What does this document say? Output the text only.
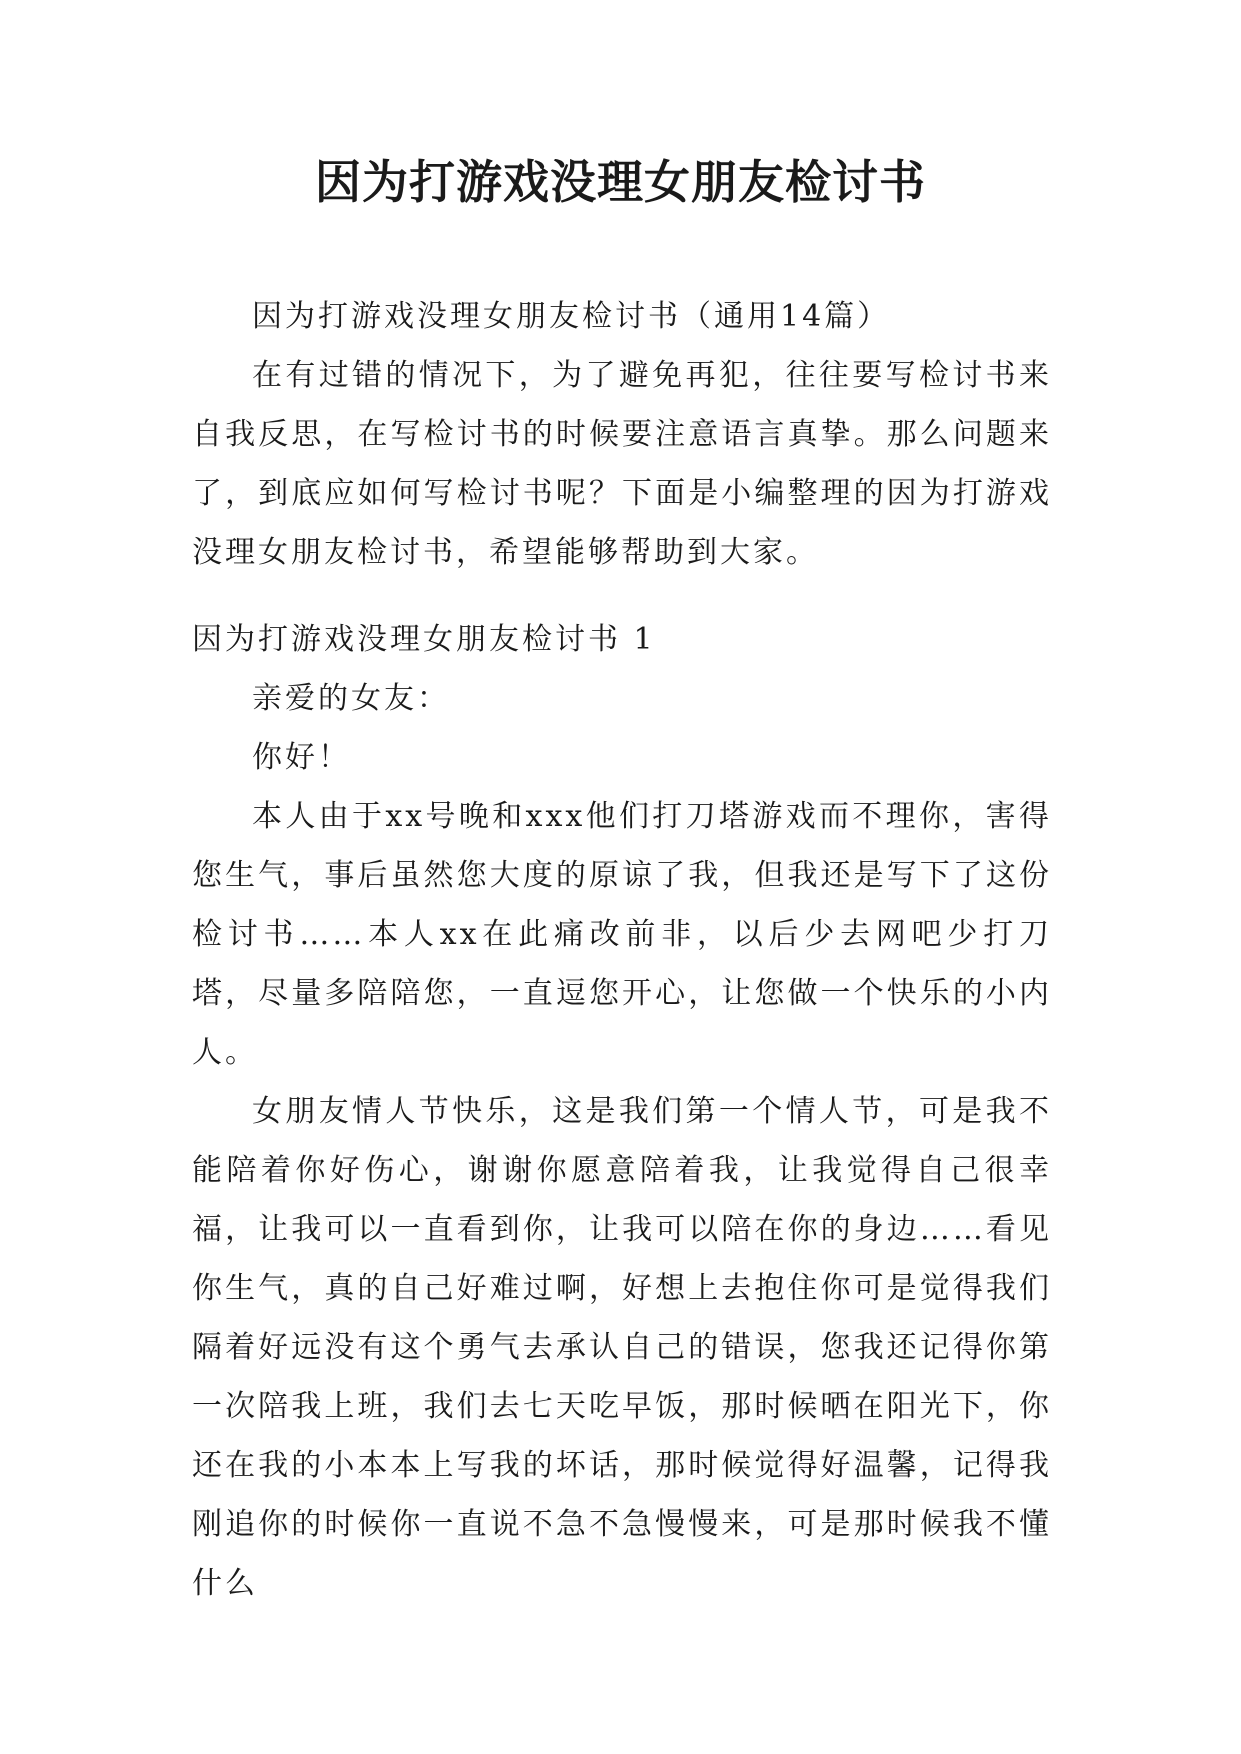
因为打游戏没理女朋友检讨书

因为打游戏没理女朋友检讨书（通用14篇）

在有过错的情况下，为了避免再犯，往往要写检讨书来自我反思，在写检讨书的时候要注意语言真挚。那么问题来了，到底应如何写检讨书呢？下面是小编整理的因为打游戏没理女朋友检讨书，希望能够帮助到大家。

因为打游戏没理女朋友检讨书 1

亲爱的女友：

你好！

本人由于xx号晚和xxx他们打刀塔游戏而不理你，害得您生气，事后虽然您大度的原谅了我，但我还是写下了这份检讨书……本人xx在此痛改前非，以后少去网吧少打刀塔，尽量多陪陪您，一直逗您开心，让您做一个快乐的小内人。

女朋友情人节快乐，这是我们第一个情人节，可是我不能陪着你好伤心，谢谢你愿意陪着我，让我觉得自己很幸福，让我可以一直看到你，让我可以陪在你的身边……看见你生气，真的自己好难过啊，好想上去抱住你可是觉得我们隔着好远没有这个勇气去承认自己的错误，您我还记得你第一次陪我上班，我们去七天吃早饭，那时候晒在阳光下，你还在我的小本本上写我的坏话，那时候觉得好温馨，记得我刚追你的时候你一直说不急不急慢慢来，可是那时候我不懂什么
